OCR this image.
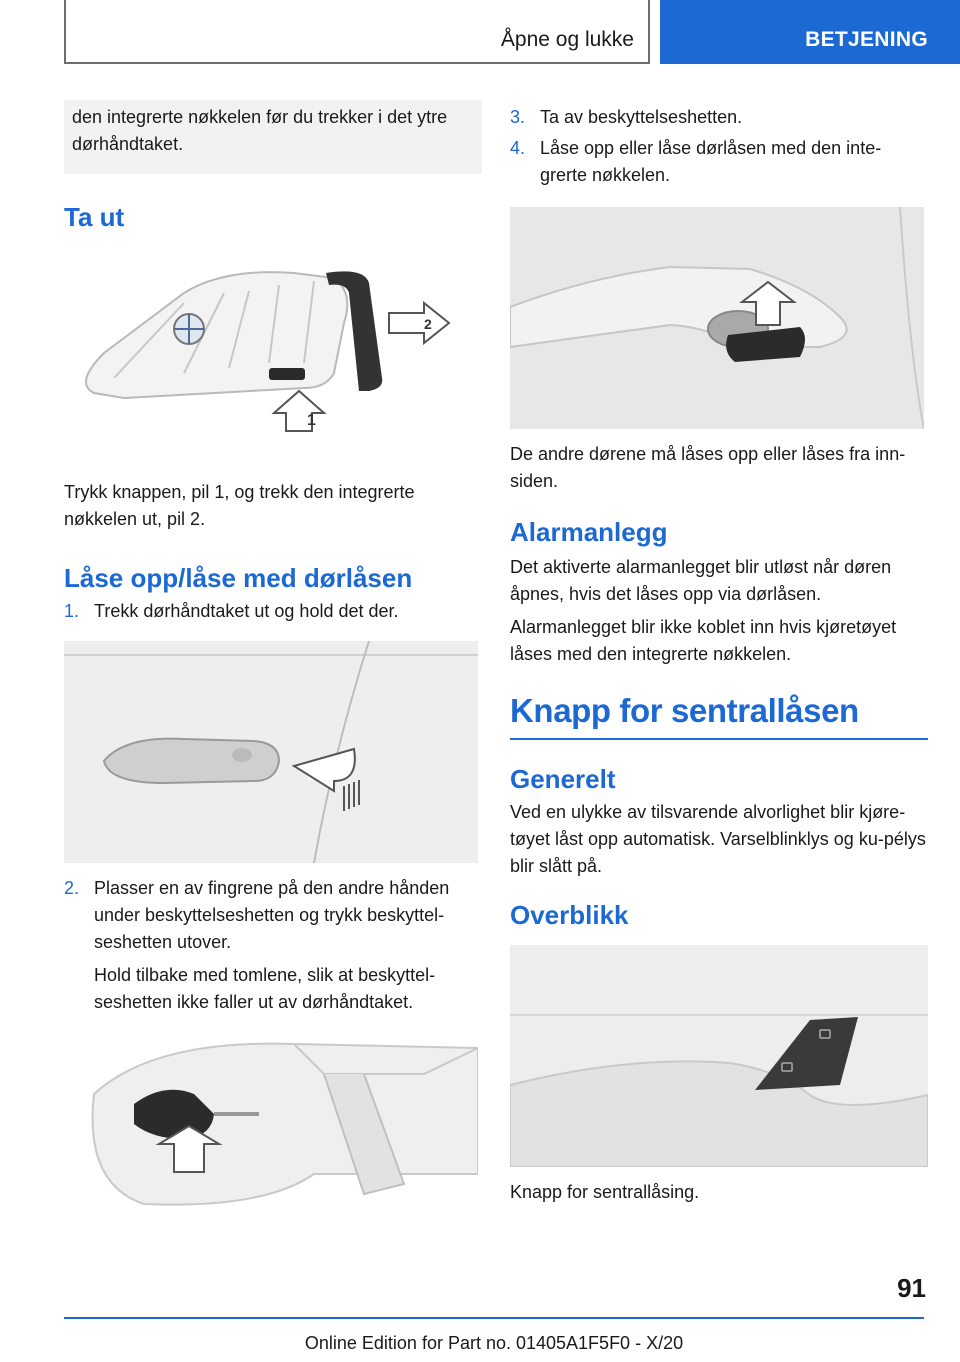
Åpne og lukke	BETJENING
den integrerte nøkkelen før du trekker i det ytre dørhåndtaket.
Ta ut
2
1

Trykk knappen, pil 1, og trekk den integrerte nøkkelen ut, pil 2.

Låse opp/låse med dørlåsen
1. Trekk dørhåndtaket ut og hold det der.
2. Plasser en av fingrene på den andre hånden under beskyttelseshetten og trykk beskyttel-seshetten utover.

Hold tilbake med tomlene, slik at beskyttel-seshetten ikke faller ut av dørhåndtaket.

3. Ta av beskyttelseshetten.
4. Låse opp eller låse dørlåsen med den inte-grerte nøkkelen.

De andre dørene må låses opp eller låses fra inn-siden.

Alarmanlegg

Det aktiverte alarmanlegget blir utløst når døren åpnes, hvis det låses opp via dørlåsen.

Alarmanlegget blir ikke koblet inn hvis kjøretøyet låses med den integrerte nøkkelen.

Knapp for sentrallåsen
Generelt

Ved en ulykke av tilsvarende alvorlighet blir kjøre-tøyet låst opp automatisk. Varselblinklys og ku-pélys blir slått på.

Overblikk

Knapp for sentrallåsing.

91
Online Edition for Part no. 01405A1F5F0 - X/20
